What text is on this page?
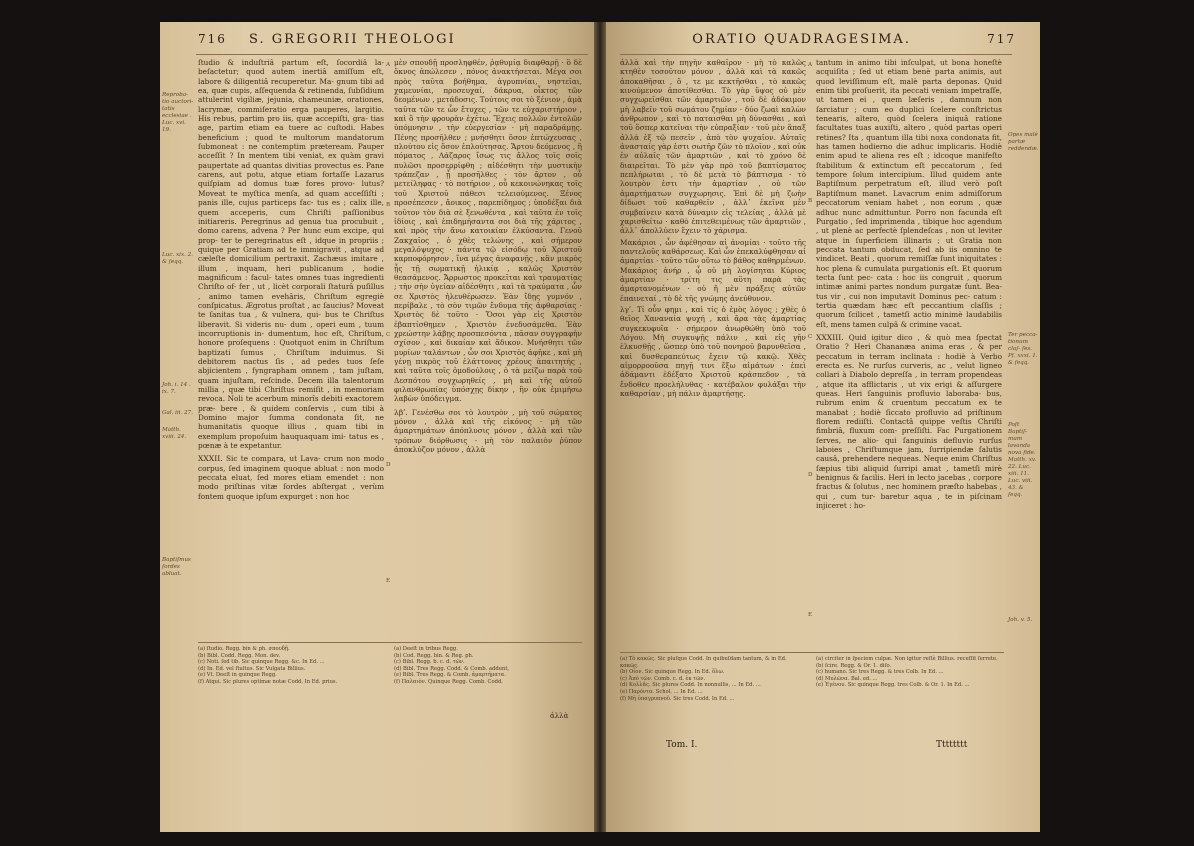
716 S. GREGORII THEOLOGI

ſtudio & induſtriâ partum eſt, ſocordiâ la- beſactetur; quod autem inertiâ amiſſum eſt, labore & diligentiâ recuperetur. Ma- gnum tibi ad ea, quæ cupis, aſſequenda & retinenda, ſubſidium attulerint vigiliæ, jejunia, chameuniæ, orationes, lacrymæ, commiſeratio erga pauperes, largitio. His rebus, partim pro iis, quæ accepiſti, gra- tias age, partim etiam ea tuere ac cuſtodi. Habes beneficium ; quod te multorum mandatorum ſubmoneat : ne contemptim præteream. Pauper acceſſit ? In mentem tibi veniat, ex quàm gravi paupertate ad quantas divitias provectus es. Pane carens, aut potu, atque etiam fortaſſe Lazarus quiſpiam ad domus tuæ fores provo- lutus? Moveat te myſtica menſa, ad quam acceſſiſti ; panis ille, cujus particeps fac- tus es ; calix ille, quem acceperis, cum Chriſti paſſionibus initiareris. Peregrinus ad genua tua procubuit , domo carens, advena ? Per hunc eum excipe, qui prop- ter te peregrinatus eſt , idque in propriis ; quique per Gratiam ad te immigravit , atque ad cæleſte domicilium pertraxit. Zachæus imitare , illum , inquam, heri publicanum , hodie magnificum : facul- tates omnes tuas ingredienti Chriſto of- fer , ut , licèt corporali ſtaturâ puſillus , animo tamen evehâris, Chriſtum egregiè conſpicatus. Ægrotus proſtat , ac ſaucius? Moveat te ſanitas tua , & vulnera, qui- bus te Chriſtus liberavit. Si videris nu- dum , operi eum , tuum incorruptionis in- dumentum, hoc eſt, Chriſtum, honore proſequens : Quotquot enim in Chriſtum baptizati ſumus , Chriſtum induimus. Si debitorem nactus ſis , ad pedes tuos ſeſe abjicientem , ſyngrapham omnem , tam juſtam, quam injuſtam, reſcinde. Decem illa talentorum millia , quæ tibi Chriſtus remiſit , in memoriam revoca. Noli te acerbum minorîs debiti exactorem præ- bere , & quidem conſervis , cum tibi à Domino major ſumma condonata ſit, ne humanitatis quoque illius , quam tibi in exemplum propoſuim hauquaquam imi- tatus es , pœnæ à te expetantur.

XXXII. Sic te compara, ut Lava- crum non modo corpus, ſed imaginem quoque abluat : non modo peccata eluat, ſed mores etiam emendet : non modo priſtinas vitæ ſordes abſtergat , verùm fontem quoque ipſum expurget : non hoc

μὲν σπουδῇ προσληφθέν, ῥᾳθυμίᾳ διαφθαρῇ · ὃ δὲ ὄκνος ἀπώλεσεν , πόνος ἀνακτήσεται. Μέγα σοι πρὸς ταῦτα βοήθημα, ἀγρυπνίαι, νηστεῖαι, χαμευνίαι, προσευχαί, δάκρυα, οἶκτος τῶν δεομένων , μετάδοσις. Τούτοις σοι τὸ ξένιον , ἀμὰ ταῦτα τῶν τε ὧν ἔτυχες , τῶν τε εὐχαριστήριον , καὶ ὃ τὴν φρουρὰν ἐχέτω. Ἔχεις πολλῶν ἐντολῶν ὑπόμνησιν , τὴν εὐεργεσίαν · μὴ παραδράμῃς. Πένης προσῆλθεν ; μνήσθητι ὅσον ἐπτώχευσας , πλούτου εἰς ὅσον ἐπλούτησας. Ἄρτου δεόμενος , ἢ πόματος , Λάζαρος ἴσως τις ἄλλος τοῖς σοῖς πυλῶσι προσερρίφθη ; αἰδέσθητι τὴν μυστικὴν τράπεζαν , ᾗ προσῆλθες · τὸν ἄρτον , οὗ μετείληφας · τὸ ποτήριον , οὗ κεκοινώνηκας τοῖς τοῦ Χριστοῦ πάθεσι τελειούμενος. Ξένος προσέπεσεν , ἄοικος , παρεπίδημος ; ὑποδέξαι διὰ τοῦτον τὸν διὰ σὲ ξενωθέντα , καὶ ταῦτα ἐν τοῖς ἰδίοις , καὶ ἐπιδημήσαντα σοι διὰ τῆς χάριτος , καὶ πρὸς τὴν ἄνω κατοικίαν ἑλκύσαντα. Γενοῦ Ζακχαῖος , ὁ χθὲς τελώνης , καὶ σήμερον μεγαλόψυχος · πάντα τῷ εἰσόδῳ τοῦ Χριστοῦ καρποφόρησον , ἵνα μέγας ἀναφανῇς , κἂν μικρὸς ᾖς τῇ σωματικῇ ἡλικίᾳ , καλῶς Χριστὸν θεασάμενος. Ἄρρωστος προκεῖται καὶ τραυματίας ; τὴν σὴν ὑγείαν αἰδέσθητι , καὶ τὰ τραύματα , ὧν σε Χριστὸς ἠλευθέρωσεν. Ἐὰν ἴδῃς γυμνόν , περίβαλε , τὸ σὸν τιμῶν ἔνδυμα τῆς ἀφθαρσίας · Χριστὸς δὲ τοῦτο · Ὅσοι γὰρ εἰς Χριστὸν ἐβαπτίσθημεν , Χριστὸν ἐνεδυσάμεθα. Ἐὰν χρεώστην λάβῃς προσπεσόντα , πᾶσαν συγγραφὴν σχίσον , καὶ δικαίαν καὶ ἄδικον. Μνήσθητι τῶν μυρίων ταλάντων , ὧν σοι Χριστὸς ἀφῆκε , καὶ μὴ γένῃ πικρὸς τοῦ ἐλάττονος χρέους ἀπαιτητής , καὶ ταῦτα τοῖς ὁμοδούλοις , ὁ τὰ μείζω παρὰ τοῦ Δεσπότου συγχωρηθείς , μὴ καὶ τῆς αὐτοῦ φιλανθρωπίας ὑπόσχῃς δίκην , ἣν οὐκ ἐμιμήσω λαβὼν ὑπόδειγμα.

λβʹ. Γενέσθω σοι τὸ λουτρὸν , μὴ τοῦ σώματος μόνον , ἀλλὰ καὶ τῆς εἰκόνος · μὴ τῶν ἁμαρτημάτων ἀπόπλυσις μόνον , ἀλλὰ καὶ τῶν τρόπων διόρθωσις · μὴ τὸν παλαιὸν ῥύπον ἀποκλύζον μόνον , ἀλλὰ

Reproba- tio auctori- tatis ecclesiae . Luc. xvi. 19.
Luc. xix. 2. & ſeqq.
Joh. i. 14 . ix. 7.
Gal. iii. 27.
Matth. xviii. 24.
Baptiſmus ſordes abluat.
A
B
C
D
E
(a) ſtudio. Regg. bin & ph. σπουδῇ.
(b) Bibl. Codd. Regg. Mon. dev.
(c) Noti. ſed tib. Sic quinque Regg. &c. In Ed. ...
(d) In. Ed. vel ſtultus. Sic Vulgata Billius.
(e) Vt. Deeſt in quinque Regg.
(f) Atqui. Sic plures optimæ notæ Codd. In Ed. prius.
(a) Deeſt in tribus Regg.
(b) Cod. Regg. bin. & Reg. ph.
(c) Bibl. Regg. b. c. d. τῶν.
(d) Bibl. Tres Regg. Codd. & Comb. addunt,
(e) Bibl. Tres Regg. & Comb. ἁμαρτήματα.
(f) Παλαιὸν. Quinque Regg. Comb. Codd.
ἀλλὰ
ORATIO QUADRAGESIMA.	717

ἀλλὰ καὶ τὴν πηγὴν καθαῖρον · μὴ τὸ καλῶς κτηθὲν τοσοῦτον μόνον , ἀλλὰ καὶ τὰ κακῶς ἀποκαθῆσαι , ὅ , τε με κεκτῆσθαι , τὸ κακῶς κινούμενον ἀποτίθεσθαι. Τὸ γὰρ ὕψος οὐ μὲν συγχωρεῖσθαι τῶν ἁμαρτιῶν , τοῦ δὲ ἀδόκιμον μὴ λαβεῖν τοῦ σωμάτου ζημίαν · δύο ζωαὶ καλὼν ἀνθρωπον , καὶ τὸ παταισθαι μὴ δύνασθαι , καὶ τοῦ ὅσπερ κατεῖναι τὴν εὐπραξίαν · τοῦ μὲν ἅπαξ ἀλλὰ ἐξ τῷ πεσεῖν , ἀπὸ τὸν ψυχαῖον. Αὐταῖς ἀνασταίς γὰρ ἐστι σωτῆρ ζῶν τὸ πλοῖον , καὶ οὐκ ἐν αὐλαῖς τῶν ἁμαρτιῶν , καὶ τὸ χρόνο δὲ διαιρεῖται. Τὸ μὲν γὰρ πρὸ τοῦ βαπτίσματος πεπλήρωται , τὸ δὲ μετὰ τὸ βάπτισμα · τὸ λουτρὸν ἐστι τὴν ἁμαρτίαν , οὐ τῶν ἁμαρτήματων συγχωρησις. Ἐπὶ δὲ μὴ ζωὴν δίδωσι τοῦ καθαρθεῖν , ἀλλ᾽ ἐκεῖνα μὲν συμβαίνειν κατὰ δύναμιν εἰς τελείας , ἀλλὰ μὲ χαρισθείτω · καθὸ ἐπιτεθειμένως τῶν ἁμαρτιῶν , ἀλλ᾽ ἀπολλύειν ἔχειν τὸ χάρισμα.

Μακάριοι , ὧν ἀφέθησαν αἱ ἀνομίαι · τοῦτο τῆς παντελοῦς καθάρσεως. Καὶ ὧν ἐπεκαλύφθησαν αἱ ἁμαρτίαι · τοῦτο τῶν οὕτω τὸ βάθος καθηρμένων. Μακάριος ἀνήρ , ᾧ οὐ μὴ λογίσηται Κύριος ἁμαρτίαν · τρίτη τις αὕτη παρὰ τὰς ἁμαρτανομένων · οὐ ἤ μὲν πράξεις αὐτῶν ἐπαινεταί , τὸ δὲ τῆς γνώμης ἀνεύθυνον.

λγʹ. Τί οὖν φημι , καὶ τίς ὁ ἐμὸς λόγος ; χθὲς ὁ θεῖος Χαναναία ψυχή , καὶ ἄρα τὰς ἁμαρτίας συγκεκυφυῖα · σήμερον ἀνωρθώθη ὑπὸ τοῦ Λόγου. Μὴ συγκυψῇς πάλιν , καὶ εἰς γῆν ἑλκυσθῇς , ὥσπερ ὑπὸ τοῦ πονηροῦ βαρυνθεῖσα , καὶ δυσθεραπεύτως ἔχειν τῷ κακῷ. Χθὲς αἱμορροοῦσα πηγῇ τινι ἔξω αἱμάτων · ἐπεὶ ἀδάμαντι ἐδέξατο Χριστοῦ κράσπεδον , τὰ ἔνδοθεν προελήλυθας · κατέβαλον φυλάξαι τὴν καθαρσίαν , μὴ πάλιν ἁμαρτήσῃς.

tantum in animo tibi inſculpat, ut bona honeſtè acquiſita ; ſed ut etiam benè parta animis, aut quod leviſſimum eſt, malè parta deponas. Quid enim tibi proſuerit, ita peccati veniam impetraſſe, ut tamen ei , quem læſeris , damnum non ſarciatur ; cum eo duplici ſcelere conſtrictus tenearis, altero, quòd ſcelera iniquâ ratione facultates tuas auxiſti, altero , quòd partas operi retines? Ita , quantum illa tibi noxa condonata fit, has tamen hodierno die adhuc implicaris. Hodiè enim apud te aliena res eſt ; idcoque manifeſto ſtabilitum & extinctum eſt peccatorum , ſed tempore ſolum intercipium. Illud quidem ante Baptiſmum perpetratum eſt, illud verò poſt Baptiſmum manet. Lavacrum enim admiſſorum peccatorum veniam habet , non eorum , quæ adhuc nunc admittuntur. Porro non facunda eſt Purgatio , ſed imprimenda , tibique hoc agendum , ut plenè ac perfectè ſplendeſcas , non ut leviter atque in ſuperficiem illinaris ; ut Gratia non peccata tantum obducat, ſed ab iis omnino te vindicet. Beati , quorum remiſſæ ſunt iniquitates : hoc plena & cumulata purgationis eſt. Et quorum tecta ſunt pec- cata : hoc iis congruit , quorum intimæ animi partes nondum purgatæ ſunt. Bea- tus vir , cui non imputavit Dominus pec- catum : tertia quædam hæc eſt peccantium claſſis ; quorum ſcilicet , tametſi actio minimè laudabilis eſt, mens tamen culpâ & crimine vacat.

XXXIII. Quid igitur dico , & quò mea ſpectat Oratio ? Heri Chananæa anima eras , & per peccatum in terram inclinata : hodiè à Verbo erecta es. Ne rurſus curveris, ac , velut ligneo collari à Diabolo depreſſa , in terram propendeas , atque ita afflictaris , ut vix erigi & aſſurgere queas. Heri ſanguinis profluvio laboraba- bus, rubrum enim & cruentum peccatum ex te manabat ; hodiè ſiccato profluvio ad priſtinum florem rediiſti. Contactâ quippe veſtis Chriſti fimbriâ, fluxum com- preſſiſti. Fac Purgationem ſerves, ne alio- qui ſanguinis defluvio rurſus laboies , Chriſtumque jam, ſurripiendæ ſalutis causâ, prehendere nequeas. Neque enim Chriſtus ſæpius tibi aliquid ſurripi amat , tametſi mirè benignus & facilis. Heri in lecto jacebas , corpore fractus & ſolutus , nec hominem præſto habebas , qui , cum tur- baretur aqua , te in piſcinam injiceret : ho-

Opes malè partæ reddendæ.
Ter pecca- tionum claſ- ſes. Pſ. xxxi. 1. & ſeqq.
Poſt Baptiſ- mum lavanda nova fide. Matth. xv. 22. Luc. xiii. 11. Luc. viii. 43. & ſeqq.
Joh. v. 5.
A
B
C
D
E
(a) Τὸ κακῶς. Sic pluſque Codd. In quibuſdam tantum, & in Ed. κακῶς.
(b) Οἷον. Sic quinque Regg. In Ed. ὅλω.
(c) Ἀπὸ τῶν. Comb. c. d. ἐκ τῶν.
(d) Κολλᾶς. Sic plures Codd. In nonnullis, ... In Ed. ...
(e) Παρόντα. Schol. ... In Ed. ...
(f) Μὴ ὑπαγρυπνοῦ. Sic tres Codd. In Ed. ...
(a) circiter in ſpeciem culpæ. Non igitur reſtè Billius. receſſit ſerrete.
(b) ſcire. Regg. & Or. 1. diſo.
(c) humano. Sic tres Regg. & tres Colb. In Ed. ...
(d) Μυλῶνα. Bal. ed. ...
(e) Ἐγένου. Sic quinque Regg. tres Colb. & Or. 1. In Ed. ...
Tom. I.	Tttttttt
